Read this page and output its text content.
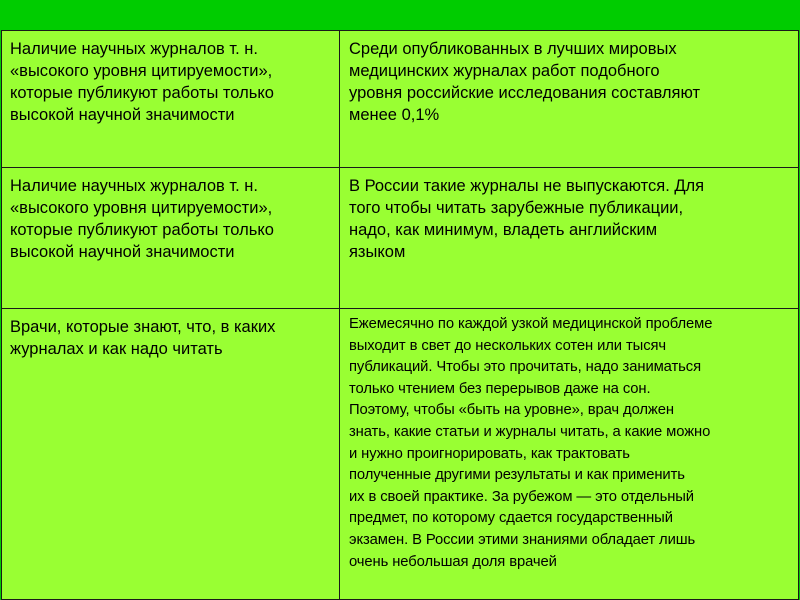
Наличие научных журналов т. н.
«высокого уровня цитируемости»,
которые публикуют работы только
высокой научной значимости
Среди опубликованных в лучших мировых
медицинских журналах работ подобного
уровня российские исследования составляют
менее 0,1%
Наличие научных журналов т. н.
«высокого уровня цитируемости»,
которые публикуют работы только
высокой научной значимости
В России такие журналы не выпускаются. Для
того чтобы читать зарубежные публикации,
надо, как минимум, владеть английским
языком
Врачи, которые знают, что, в каких
журналах и как надо читать
Ежемесячно по каждой узкой медицинской проблеме
выходит в свет до нескольких сотен или тысяч
публикаций. Чтобы это прочитать, надо заниматься
только чтением без перерывов даже на сон.
Поэтому, чтобы «быть на уровне», врач должен
знать, какие статьи и журналы читать, а какие можно
и нужно проигнорировать, как трактовать
полученные другими результаты и как применить
их в своей практике. За рубежом — это отдельный
предмет, по которому сдается государственный
экзамен. В России этими знаниями обладает лишь
очень небольшая доля врачей
